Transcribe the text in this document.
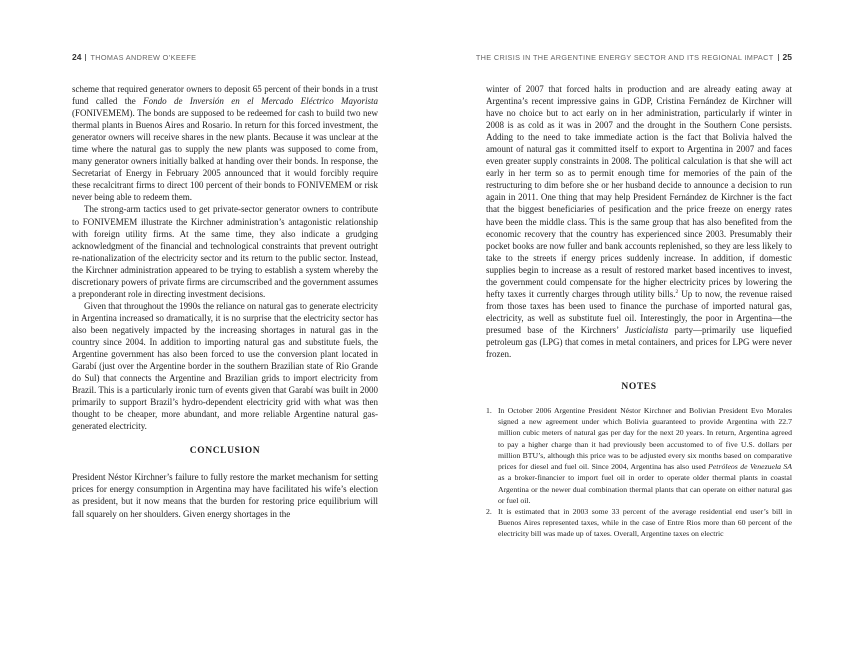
24 THOMAS ANDREW O’KEEFE

scheme that required generator owners to deposit 65 percent of their bonds in a trust fund called the Fondo de Inversión en el Mercado Eléctrico Mayorista (FONIVEMEM). The bonds are supposed to be redeemed for cash to build two new thermal plants in Buenos Aires and Rosario. In return for this forced investment, the generator owners will receive shares in the new plants. Because it was unclear at the time where the natural gas to supply the new plants was supposed to come from, many generator owners initially balked at handing over their bonds. In response, the Secretariat of Energy in February 2005 announced that it would forcibly require these recalcitrant firms to direct 100 percent of their bonds to FONIVEMEM or risk never being able to redeem them.

The strong-arm tactics used to get private-sector generator owners to contribute to FONIVEMEM illustrate the Kirchner administration’s antagonistic relationship with foreign utility firms. At the same time, they also indicate a grudging acknowledgment of the financial and technological constraints that prevent outright re-nationalization of the electricity sector and its return to the public sector. Instead, the Kirchner administration appeared to be trying to establish a system whereby the discretionary powers of private firms are circumscribed and the government assumes a preponderant role in directing investment decisions.

Given that throughout the 1990s the reliance on natural gas to generate electricity in Argentina increased so dramatically, it is no surprise that the electricity sector has also been negatively impacted by the increasing shortages in natural gas in the country since 2004. In addition to importing natural gas and substitute fuels, the Argentine government has also been forced to use the conversion plant located in Garabí (just over the Argentine border in the southern Brazilian state of Rio Grande do Sul) that connects the Argentine and Brazilian grids to import electricity from Brazil. This is a particularly ironic turn of events given that Garabí was built in 2000 primarily to support Brazil’s hydro-dependent electricity grid with what was then thought to be cheaper, more abundant, and more reliable Argentine natural gas-generated electricity.

CONCLUSION

President Néstor Kirchner’s failure to fully restore the market mechanism for setting prices for energy consumption in Argentina may have facilitated his wife’s election as president, but it now means that the burden for restoring price equilibrium will fall squarely on her shoulders. Given energy shortages in the

THE CRISIS IN THE ARGENTINE ENERGY SECTOR AND ITS REGIONAL IMPACT 25

winter of 2007 that forced halts in production and are already eating away at Argentina’s recent impressive gains in GDP, Cristina Fernández de Kirchner will have no choice but to act early on in her administration, particularly if winter in 2008 is as cold as it was in 2007 and the drought in the Southern Cone persists. Adding to the need to take immediate action is the fact that Bolivia halved the amount of natural gas it committed itself to export to Argentina in 2007 and faces even greater supply constraints in 2008. The political calculation is that she will act early in her term so as to permit enough time for memories of the pain of the restructuring to dim before she or her husband decide to announce a decision to run again in 2011. One thing that may help President Fernández de Kirchner is the fact that the biggest beneficiaries of pesification and the price freeze on energy rates have been the middle class. This is the same group that has also benefited from the economic recovery that the country has experienced since 2003. Presumably their pocket books are now fuller and bank accounts replenished, so they are less likely to take to the streets if energy prices suddenly increase. In addition, if domestic supplies begin to increase as a result of restored market based incentives to invest, the government could compensate for the higher electricity prices by lowering the hefty taxes it currently charges through utility bills.$^2$ Up to now, the revenue raised from those taxes has been used to finance the purchase of imported natural gas, electricity, as well as substitute fuel oil. Interestingly, the poor in Argentina—the presumed base of the Kirchners’ Justicialista party—primarily use liquefied petroleum gas (LPG) that comes in metal containers, and prices for LPG were never frozen.

NOTES
1. In October 2006 Argentine President Néstor Kirchner and Bolivian President Evo Morales signed a new agreement under which Bolivia guaranteed to provide Argentina with 22.7 million cubic meters of natural gas per day for the next 20 years. In return, Argentina agreed to pay a higher charge than it had previously been accustomed to of five U.S. dollars per million BTU’s, although this price was to be adjusted every six months based on comparative prices for diesel and fuel oil. Since 2004, Argentina has also used Petróleos de Venezuela SA as a broker-financier to import fuel oil in order to operate older thermal plants in coastal Argentina or the newer dual combination thermal plants that can operate on either natural gas or fuel oil.
2. It is estimated that in 2003 some 33 percent of the average residential end user’s bill in Buenos Aires represented taxes, while in the case of Entre Rios more than 60 percent of the electricity bill was made up of taxes. Overall, Argentine taxes on electric
